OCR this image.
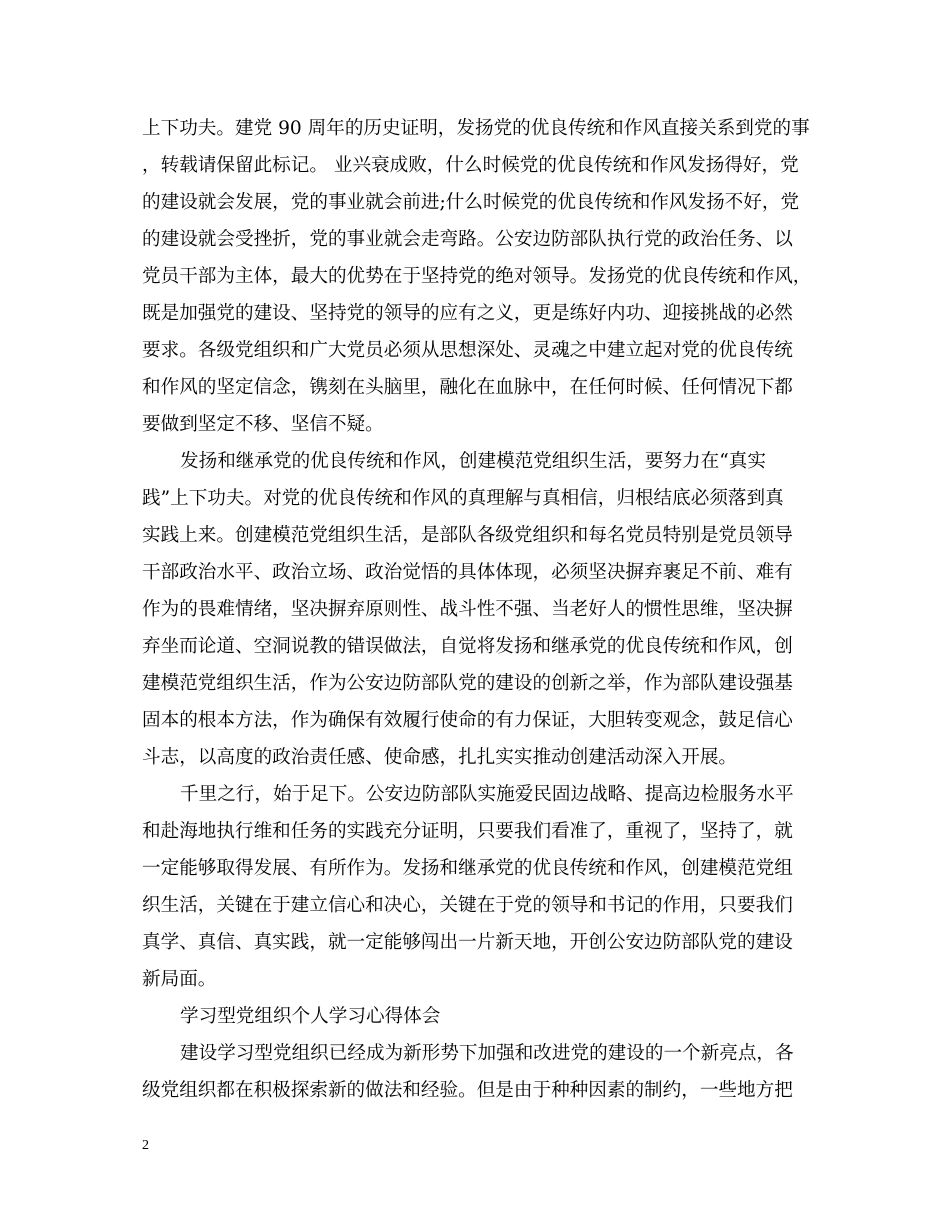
上下功夫。建党 90 周年的历史证明，发扬党的优良传统和作风直接关系到党的事
，转载请保留此标记。 业兴衰成败，什么时候党的优良传统和作风发扬得好，党
的建设就会发展，党的事业就会前进;什么时候党的优良传统和作风发扬不好，党
的建设就会受挫折，党的事业就会走弯路。公安边防部队执行党的政治任务、以
党员干部为主体，最大的优势在于坚持党的绝对领导。发扬党的优良传统和作风，
既是加强党的建设、坚持党的领导的应有之义，更是练好内功、迎接挑战的必然
要求。各级党组织和广大党员必须从思想深处、灵魂之中建立起对党的优良传统
和作风的坚定信念，镌刻在头脑里，融化在血脉中，在任何时候、任何情况下都
要做到坚定不移、坚信不疑。
发扬和继承党的优良传统和作风，创建模范党组织生活，要努力在“真实
践”上下功夫。对党的优良传统和作风的真理解与真相信，归根结底必须落到真
实践上来。创建模范党组织生活，是部队各级党组织和每名党员特别是党员领导
干部政治水平、政治立场、政治觉悟的具体体现，必须坚决摒弃裹足不前、难有
作为的畏难情绪，坚决摒弃原则性、战斗性不强、当老好人的惯性思维，坚决摒
弃坐而论道、空洞说教的错误做法，自觉将发扬和继承党的优良传统和作风，创
建模范党组织生活，作为公安边防部队党的建设的创新之举，作为部队建设强基
固本的根本方法，作为确保有效履行使命的有力保证，大胆转变观念，鼓足信心
斗志，以高度的政治责任感、使命感，扎扎实实推动创建活动深入开展。
千里之行，始于足下。公安边防部队实施爱民固边战略、提高边检服务水平
和赴海地执行维和任务的实践充分证明，只要我们看准了，重视了，坚持了，就
一定能够取得发展、有所作为。发扬和继承党的优良传统和作风，创建模范党组
织生活，关键在于建立信心和决心，关键在于党的领导和书记的作用，只要我们
真学、真信、真实践，就一定能够闯出一片新天地，开创公安边防部队党的建设
新局面。
学习型党组织个人学习心得体会
建设学习型党组织已经成为新形势下加强和改进党的建设的一个新亮点，各
级党组织都在积极探索新的做法和经验。但是由于种种因素的制约，一些地方把
2
